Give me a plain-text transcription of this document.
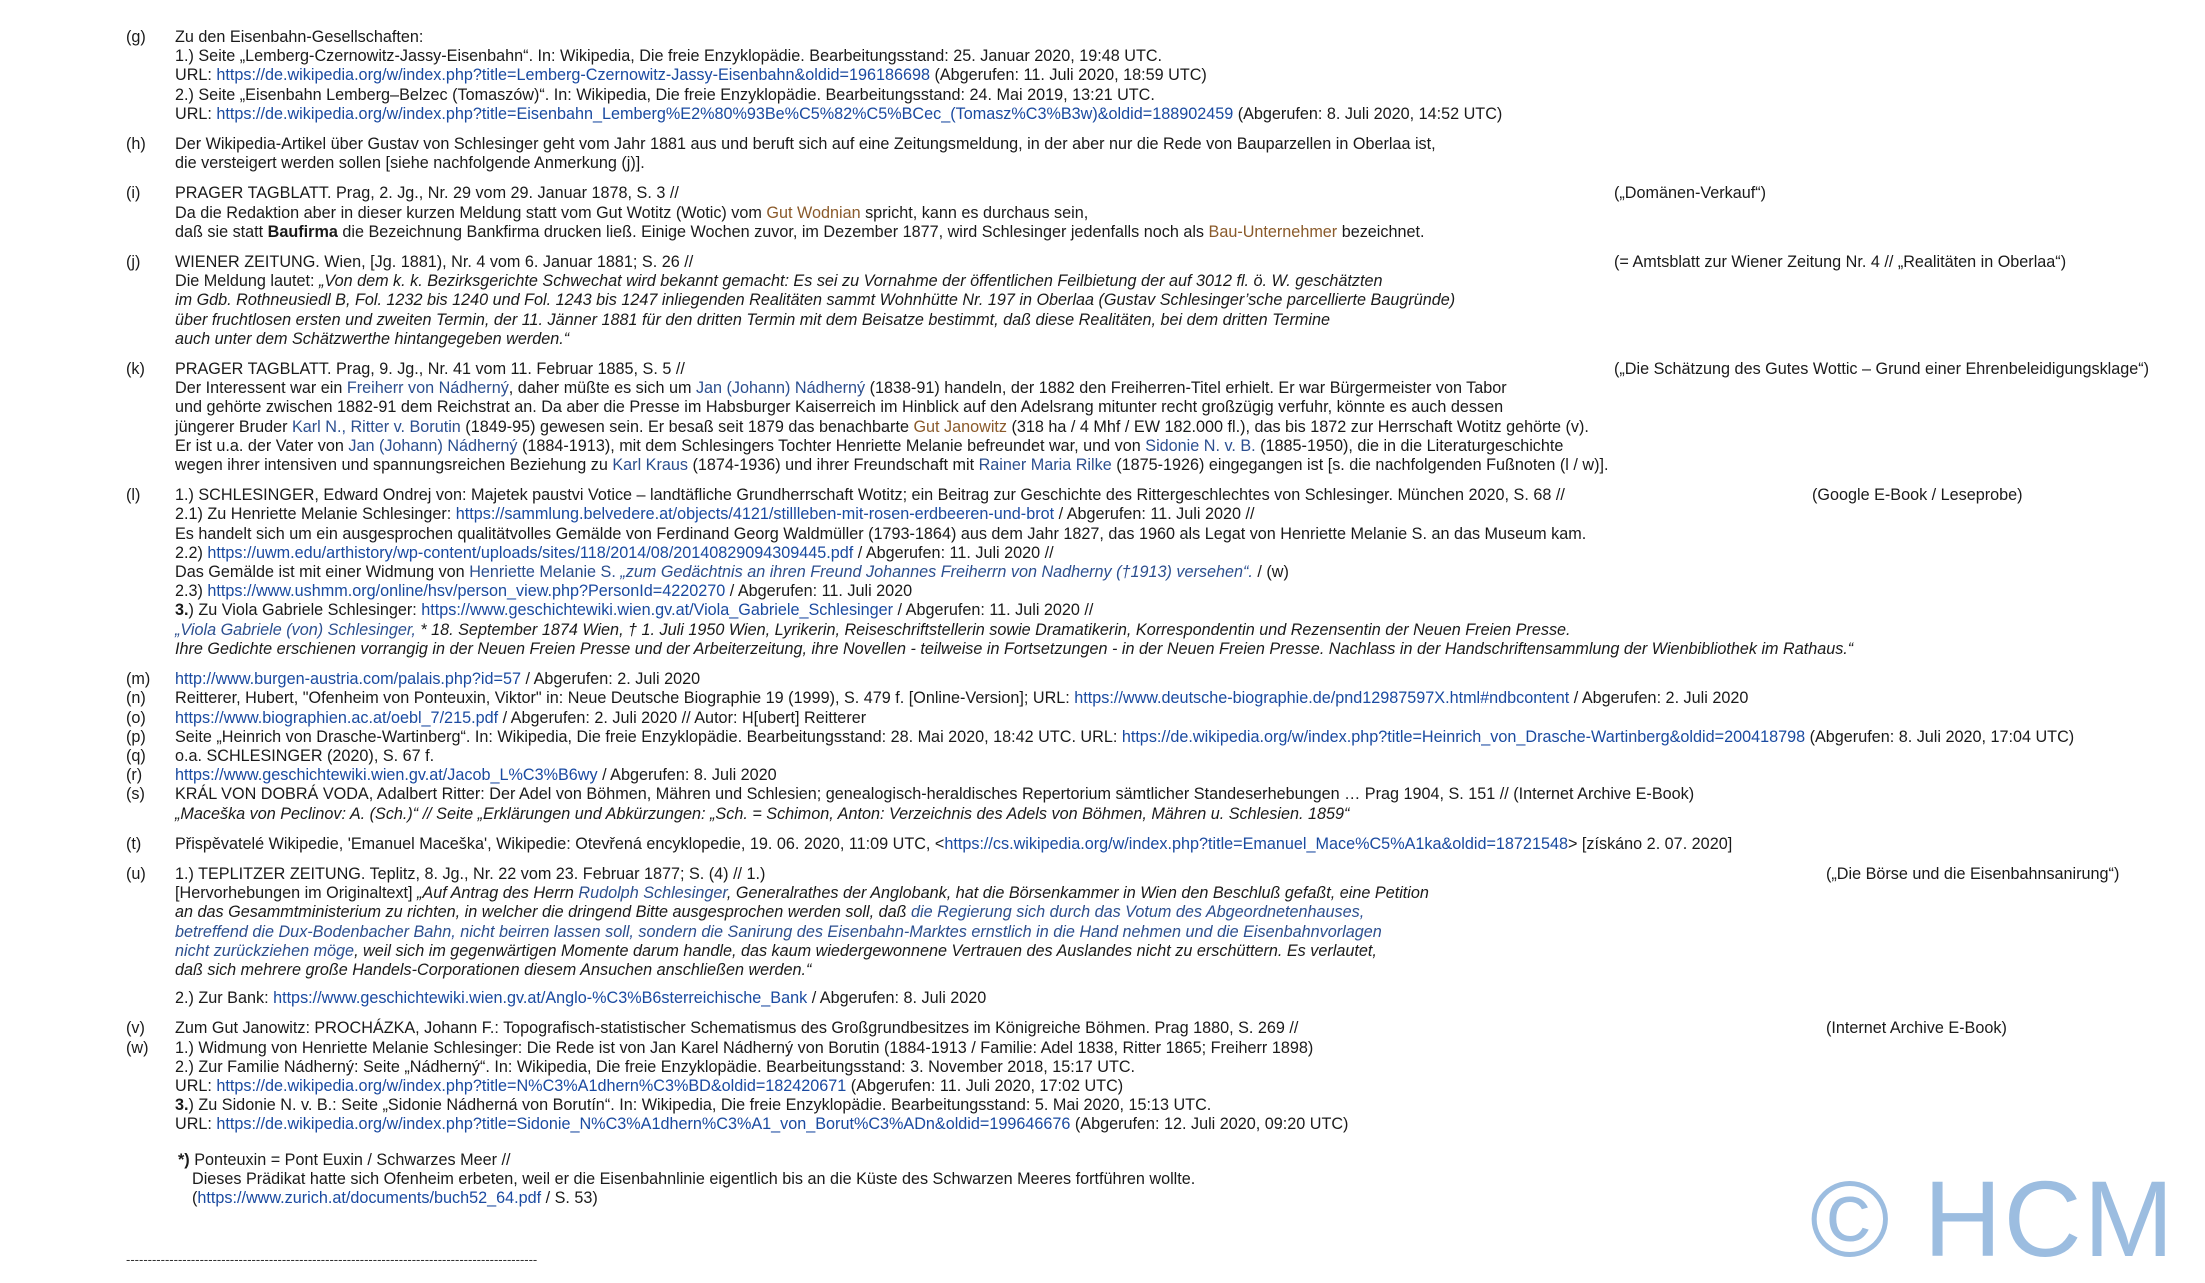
(g) Zu den Eisenbahn-Gesellschaften:
1.) Seite „Lemberg-Czernowitz-Jassy-Eisenbahn“. In: Wikipedia, Die freie Enzyklopädie. Bearbeitungsstand: 25. Januar 2020, 19:48 UTC.
URL: https://de.wikipedia.org/w/index.php?title=Lemberg-Czernowitz-Jassy-Eisenbahn&oldid=196186698 (Abgerufen: 11. Juli 2020, 18:59 UTC)
2.) Seite „Eisenbahn Lemberg–Belzec (Tomaszów)“. In: Wikipedia, Die freie Enzyklopädie. Bearbeitungsstand: 24. Mai 2019, 13:21 UTC.
URL: https://de.wikipedia.org/w/index.php?title=Eisenbahn_Lemberg%E2%80%93Be%C5%82%C5%BCec_(Tomasz%C3%B3w)&oldid=188902459 (Abgerufen: 8. Juli 2020, 14:52 UTC)
(h) Der Wikipedia-Artikel über Gustav von Schlesinger geht vom Jahr 1881 aus und beruft sich auf eine Zeitungsmeldung, in der aber nur die Rede von Bauparzellen in Oberlaa ist,
die versteigert werden sollen [siehe nachfolgende Anmerkung (j)].
(i)	(„Domänen-Verkauf“)
PRAGER TAGBLATT. Prag, 2. Jg., Nr. 29 vom 29. Januar 1878, S. 3 //
Da die Redaktion aber in dieser kurzen Meldung statt vom Gut Wotitz (Wotic) vom Gut Wodnian spricht, kann es durchaus sein,
daß sie statt Baufirma die Bezeichnung Bankfirma drucken ließ. Einige Wochen zuvor, im Dezember 1877, wird Schlesinger jedenfalls noch als Bau-Unternehmer bezeichnet.
(j)	(= Amtsblatt zur Wiener Zeitung Nr. 4 // „Realitäten in Oberlaa“)
WIENER ZEITUNG. Wien, [Jg. 1881), Nr. 4 vom 6. Januar 1881; S. 26 //
Die Meldung lautet: „Von dem k. k. Bezirksgerichte Schwechat wird bekannt gemacht: Es sei zu Vornahme der öffentlichen Feilbietung der auf 3012 fl. ö. W. geschätzten
im Gdb. Rothneusiedl B, Fol. 1232 bis 1240 und Fol. 1243 bis 1247 inliegenden Realitäten sammt Wohnhütte Nr. 197 in Oberlaa (Gustav Schlesinger’sche parcellierte Baugründe)
über fruchtlosen ersten und zweiten Termin, der 11. Jänner 1881 für den dritten Termin mit dem Beisatze bestimmt, daß diese Realitäten, bei dem dritten Termine
auch unter dem Schätzwerthe hintangegeben werden.“
(k)	(„Die Schätzung des Gutes Wottic – Grund einer Ehrenbeleidigungsklage“)
PRAGER TAGBLATT. Prag, 9. Jg., Nr. 41 vom 11. Februar 1885, S. 5 //
Der Interessent war ein Freiherr von Nádherný, daher müßte es sich um Jan (Johann) Nádherný (1838-91) handeln, der 1882 den Freiherren-Titel erhielt. Er war Bürgermeister von Tabor
und gehörte zwischen 1882-91 dem Reichstrat an. Da aber die Presse im Habsburger Kaiserreich im Hinblick auf den Adelsrang mitunter recht großzügig verfuhr, könnte es auch dessen
jüngerer Bruder Karl N., Ritter v. Borutin (1849-95) gewesen sein. Er besaß seit 1879 das benachbarte Gut Janowitz (318 ha / 4 Mhf / EW 182.000 fl.), das bis 1872 zur Herrschaft Wotitz gehörte (v).
Er ist u.a. der Vater von Jan (Johann) Nádherný (1884-1913), mit dem Schlesingers Tochter Henriette Melanie befreundet war, und von Sidonie N. v. B. (1885-1950), die in die Literaturgeschichte
wegen ihrer intensiven und spannungsreichen Beziehung zu Karl Kraus (1874-1936) und ihrer Freundschaft mit Rainer Maria Rilke (1875-1926) eingegangen ist [s. die nachfolgenden Fußnoten (l / w)].
(l)	(Google E-Book / Leseprobe)
1.) SCHLESINGER, Edward Ondrej von: Majetek paustvi Votice – landtäfliche Grundherrschaft Wotitz; ein Beitrag zur Geschichte des Rittergeschlechtes von Schlesinger. München 2020, S. 68 //
2.1) Zu Henriette Melanie Schlesinger: https://sammlung.belvedere.at/objects/4121/stillleben-mit-rosen-erdbeeren-und-brot / Abgerufen: 11. Juli 2020 //
Es handelt sich um ein ausgesprochen qualitätvolles Gemälde von Ferdinand Georg Waldmüller (1793-1864) aus dem Jahr 1827, das 1960 als Legat von Henriette Melanie S. an das Museum kam.
2.2) https://uwm.edu/arthistory/wp-content/uploads/sites/118/2014/08/20140829094309445.pdf / Abgerufen: 11. Juli 2020 //
Das Gemälde ist mit einer Widmung von Henriette Melanie S. „zum Gedächtnis an ihren Freund Johannes Freiherrn von Nadherny (†1913) versehen“. / (w)
2.3) https://www.ushmm.org/online/hsv/person_view.php?PersonId=4220270 / Abgerufen: 11. Juli 2020
3.) Zu Viola Gabriele Schlesinger: https://www.geschichtewiki.wien.gv.at/Viola_Gabriele_Schlesinger / Abgerufen: 11. Juli 2020 //
„Viola Gabriele (von) Schlesinger, * 18. September 1874 Wien, † 1. Juli 1950 Wien, Lyrikerin, Reiseschriftstellerin sowie Dramatikerin, Korrespondentin und Rezensentin der Neuen Freien Presse.
Ihre Gedichte erschienen vorrangig in der Neuen Freien Presse und der Arbeiterzeitung, ihre Novellen - teilweise in Fortsetzungen - in der Neuen Freien Presse. Nachlass in der Handschriftensammlung der Wienbibliothek im Rathaus.“
(m) http://www.burgen-austria.com/palais.php?id=57 / Abgerufen: 2. Juli 2020
(n) Reitterer, Hubert, "Ofenheim von Ponteuxin, Viktor" in: Neue Deutsche Biographie 19 (1999), S. 479 f. [Online-Version]; URL: https://www.deutsche-biographie.de/pnd12987597X.html#ndbcontent / Abgerufen: 2. Juli 2020
(o) https://www.biographien.ac.at/oebl_7/215.pdf / Abgerufen: 2. Juli 2020 // Autor: H[ubert] Reitterer
(p) Seite „Heinrich von Drasche-Wartinberg“. In: Wikipedia, Die freie Enzyklopädie. Bearbeitungsstand: 28. Mai 2020, 18:42 UTC. URL: https://de.wikipedia.org/w/index.php?title=Heinrich_von_Drasche-Wartinberg&oldid=200418798 (Abgerufen: 8. Juli 2020, 17:04 UTC)
(q) o.a. SCHLESINGER (2020), S. 67 f.
(r) https://www.geschichtewiki.wien.gv.at/Jacob_L%C3%B6wy / Abgerufen: 8. Juli 2020
(s) KRÁL VON DOBRÁ VODA, Adalbert Ritter: Der Adel von Böhmen, Mähren und Schlesien; genealogisch-heraldisches Repertorium sämtlicher Standeserhebungen … Prag 1904, S. 151 // (Internet Archive E-Book)
„Maceška von Peclinov: A. (Sch.)“ // Seite „Erklärungen und Abkürzungen: „Sch. = Schimon, Anton: Verzeichnis des Adels von Böhmen, Mähren u. Schlesien. 1859“
(t) Přispěvatelé Wikipedie, 'Emanuel Maceška', Wikipedie: Otevřená encyklopedie, 19. 06. 2020, 11:09 UTC, <https://cs.wikipedia.org/w/index.php?title=Emanuel_Mace%C5%A1ka&oldid=18721548> [získáno 2. 07. 2020]
(u)	(„Die Börse und die Eisenbahnsanirung“)
1.) TEPLITZER ZEITUNG. Teplitz, 8. Jg., Nr. 22 vom 23. Februar 1877; S. (4) // 1.)
[Hervorhebungen im Originaltext] „Auf Antrag des Herrn Rudolph Schlesinger, Generalrathes der Anglobank, hat die Börsenkammer in Wien den Beschluß gefaßt, eine Petition
an das Gesammtministerium zu richten, in welcher die dringend Bitte ausgesprochen werden soll, daß die Regierung sich durch das Votum des Abgeordnetenhauses,
betreffend die Dux-Bodenbacher Bahn, nicht beirren lassen soll, sondern die Sanirung des Eisenbahn-Marktes ernstlich in die Hand nehmen und die Eisenbahnvorlagen
nicht zurückziehen möge, weil sich im gegenwärtigen Momente darum handle, das kaum wiedergewonnene Vertrauen des Auslandes nicht zu erschüttern. Es verlautet,
daß sich mehrere große Handels-Corporationen diesem Ansuchen anschließen werden.“
2.) Zur Bank: https://www.geschichtewiki.wien.gv.at/Anglo-%C3%B6sterreichische_Bank / Abgerufen: 8. Juli 2020
(v)	(Internet Archive E-Book)
Zum Gut Janowitz: PROCHÁZKA, Johann F.: Topografisch-statistischer Schematismus des Großgrundbesitzes im Königreiche Böhmen. Prag 1880, S. 269 //
(w) 1.) Widmung von Henriette Melanie Schlesinger: Die Rede ist von Jan Karel Nádherný von Borutin (1884-1913 / Familie: Adel 1838, Ritter 1865; Freiherr 1898)
2.) Zur Familie Nádherný: Seite „Nádherný“. In: Wikipedia, Die freie Enzyklopädie. Bearbeitungsstand: 3. November 2018, 15:17 UTC.
URL: https://de.wikipedia.org/w/index.php?title=N%C3%A1dhern%C3%BD&oldid=182420671 (Abgerufen: 11. Juli 2020, 17:02 UTC)
3.) Zu Sidonie N. v. B.: Seite „Sidonie Nádherná von Borutín“. In: Wikipedia, Die freie Enzyklopädie. Bearbeitungsstand: 5. Mai 2020, 15:13 UTC.
URL: https://de.wikipedia.org/w/index.php?title=Sidonie_N%C3%A1dhern%C3%A1_von_Borut%C3%ADn&oldid=199646676 (Abgerufen: 12. Juli 2020, 09:20 UTC)
*) Ponteuxin = Pont Euxin / Schwarzes Meer //
Dieses Prädikat hatte sich Ofenheim erbeten, weil er die Eisenbahnlinie eigentlich bis an die Küste des Schwarzen Meeres fortführen wollte.
(https://www.zurich.at/documents/buch52_64.pdf / S. 53)
-----------------------------------------------------------------------------------------------	© HCM
